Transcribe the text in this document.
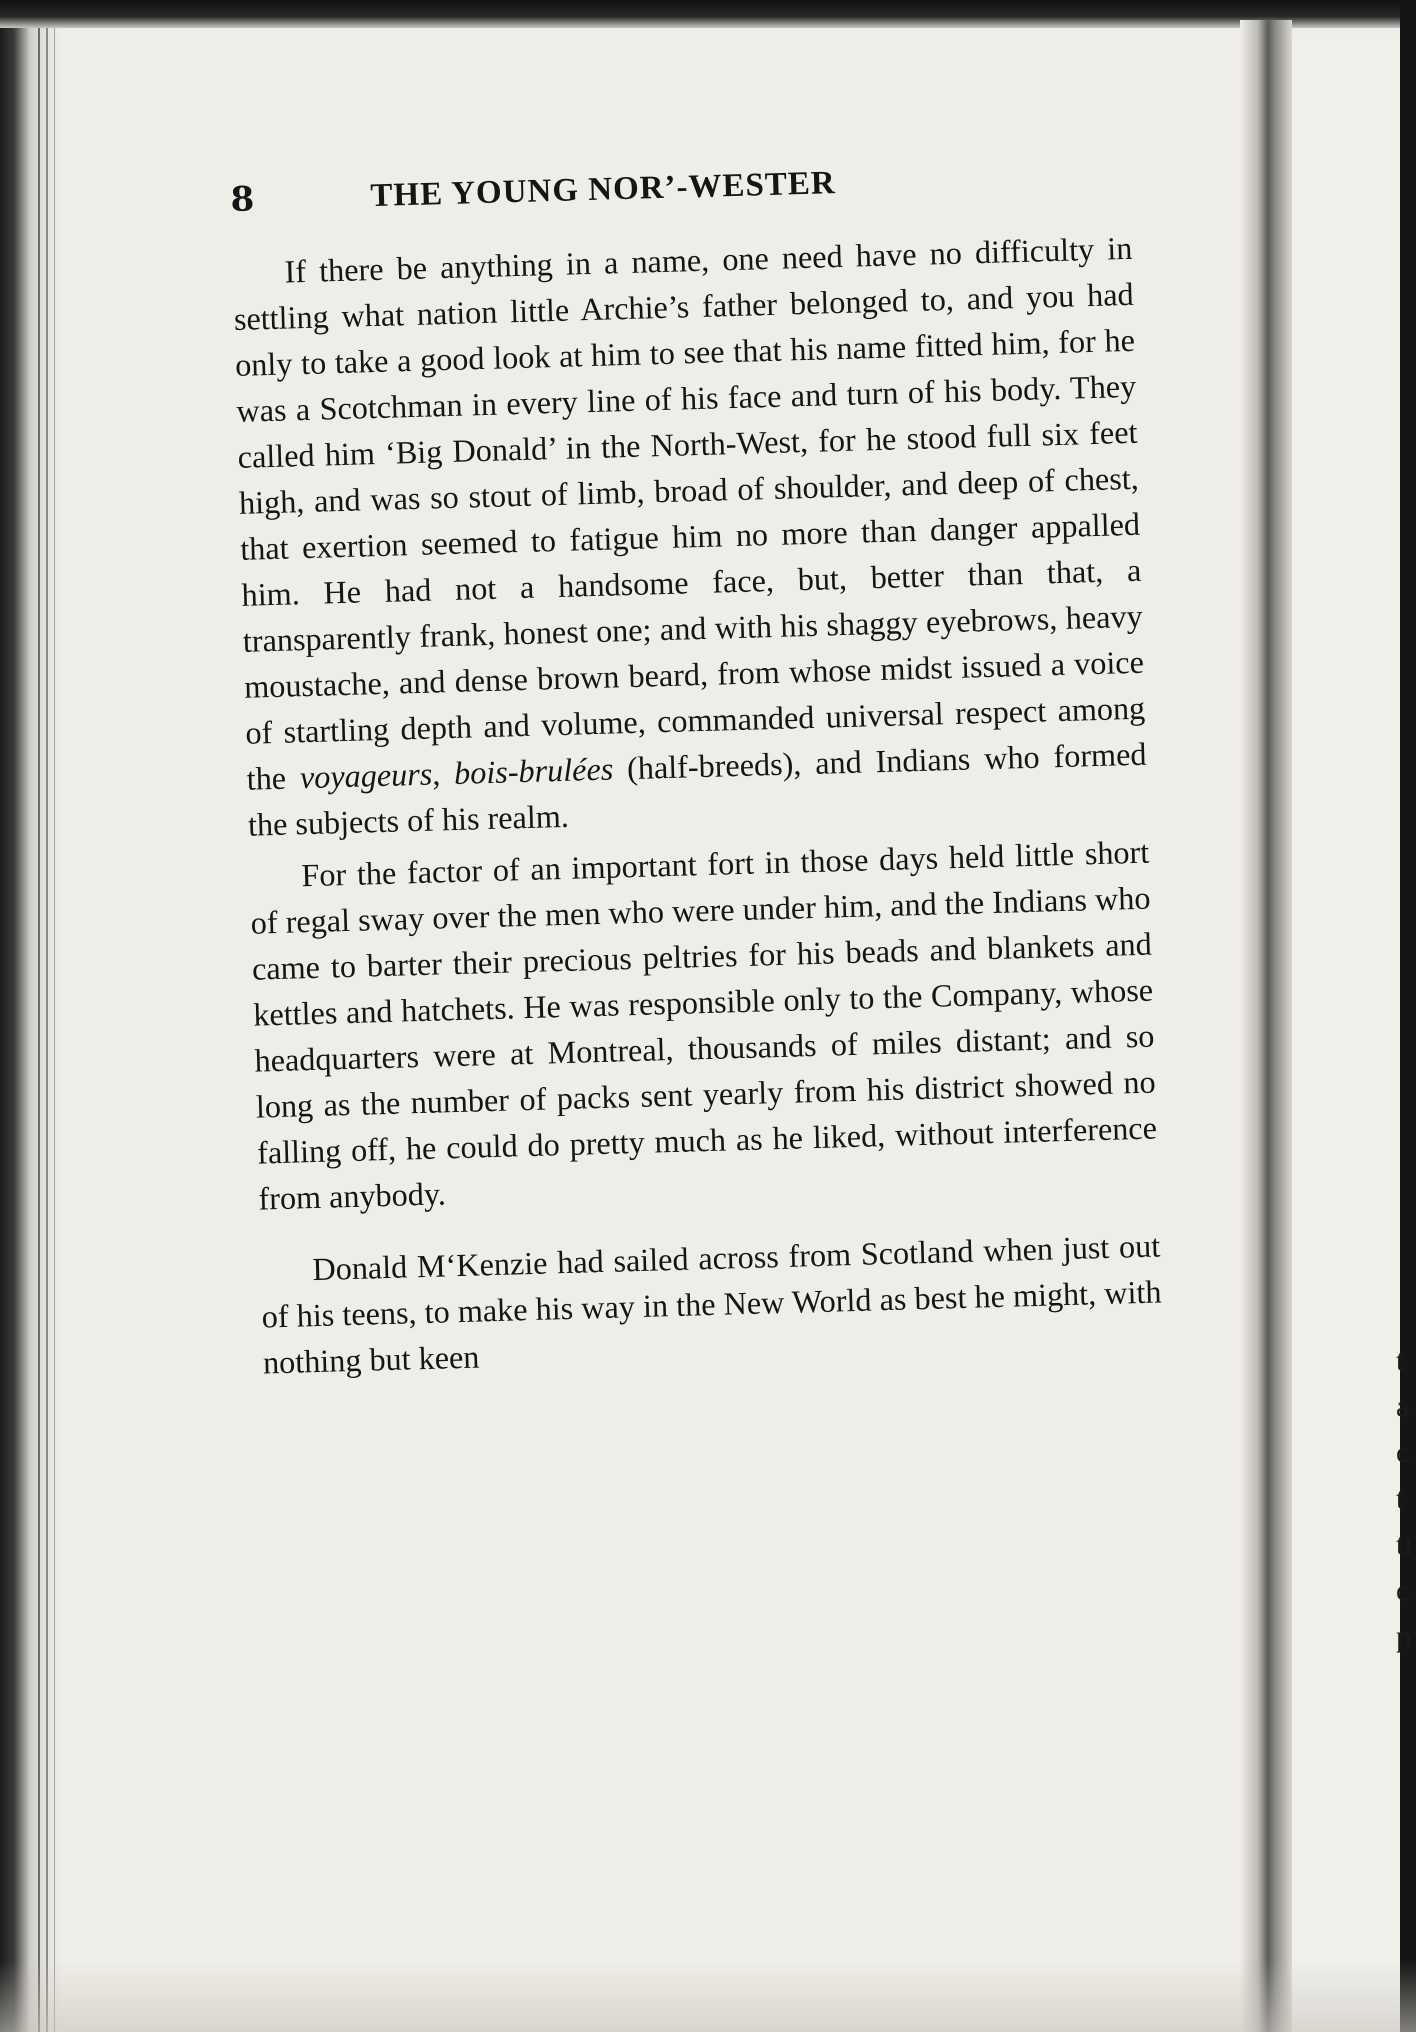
8	THE YOUNG NOR’-WESTER

If there be anything in a name, one need have no difficulty in settling what nation little Archie’s father belonged to, and you had only to take a good look at him to see that his name fitted him, for he was a Scotchman in every line of his face and turn of his body. They called him ‘Big Donald’ in the North-West, for he stood full six feet high, and was so stout of limb, broad of shoulder, and deep of chest, that exertion seemed to fatigue him no more than danger appalled him. He had not a handsome face, but, better than that, a transparently frank, honest one; and with his shaggy eyebrows, heavy moustache, and dense brown beard, from whose midst issued a voice of startling depth and volume, commanded universal respect among the voyageurs, bois-brulées (half-breeds), and Indians who formed the subjects of his realm.

For the factor of an important fort in those days held little short of regal sway over the men who were under him, and the Indians who came to barter their precious peltries for his beads and blankets and kettles and hatchets. He was responsible only to the Company, whose headquarters were at Montreal, thousands of miles distant; and so long as the number of packs sent yearly from his district showed no falling off, he could do pretty much as he liked, without interference from anybody.

Donald M‘Kenzie had sailed across from Scotland when just out of his teens, to make his way in the New World as best he might, with nothing but keen	t
a
c
t
tı
c
p
